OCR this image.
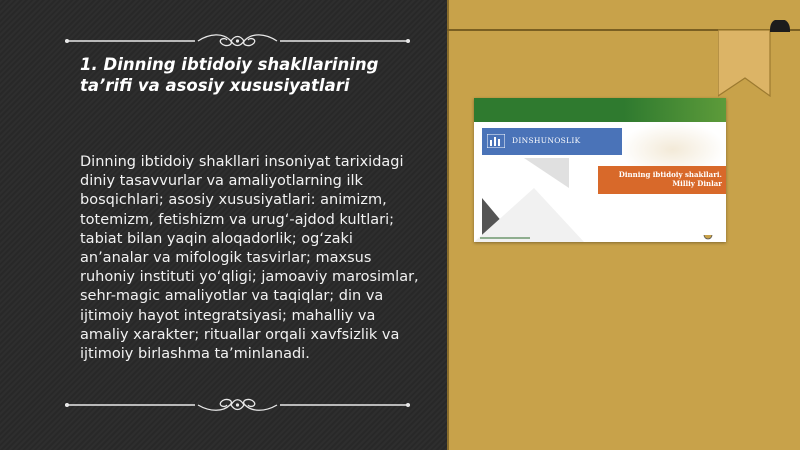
1. Dinning ibtidoiy shakllarining ta’rifi va asosiy xususiyatlari
Dinning ibtidoiy shakllari insoniyat tarixidagi diniy tasavvurlar va amaliyotlarning ilk bosqichlari; asosiy xususiyatlari: animizm, totemizm, fetishizm va urug‘-ajdod kultlari; tabiat bilan yaqin aloqadorlik; og‘zaki an’analar va mifologik tasvirlar; maxsus ruhoniy instituti yo‘qligi; jamoaviy marosimlar, sehr-magic amaliyotlar va taqiqlar; din va ijtimoiy hayot integratsiyasi; mahalliy va amaliy xarakter; rituallar orqali xavfsizlik va ijtimoiy birlashma ta’minlanadi.
DINSHUNOSLIK
Dinning ibtidoiy shakllari.
Milliy Dinlar
